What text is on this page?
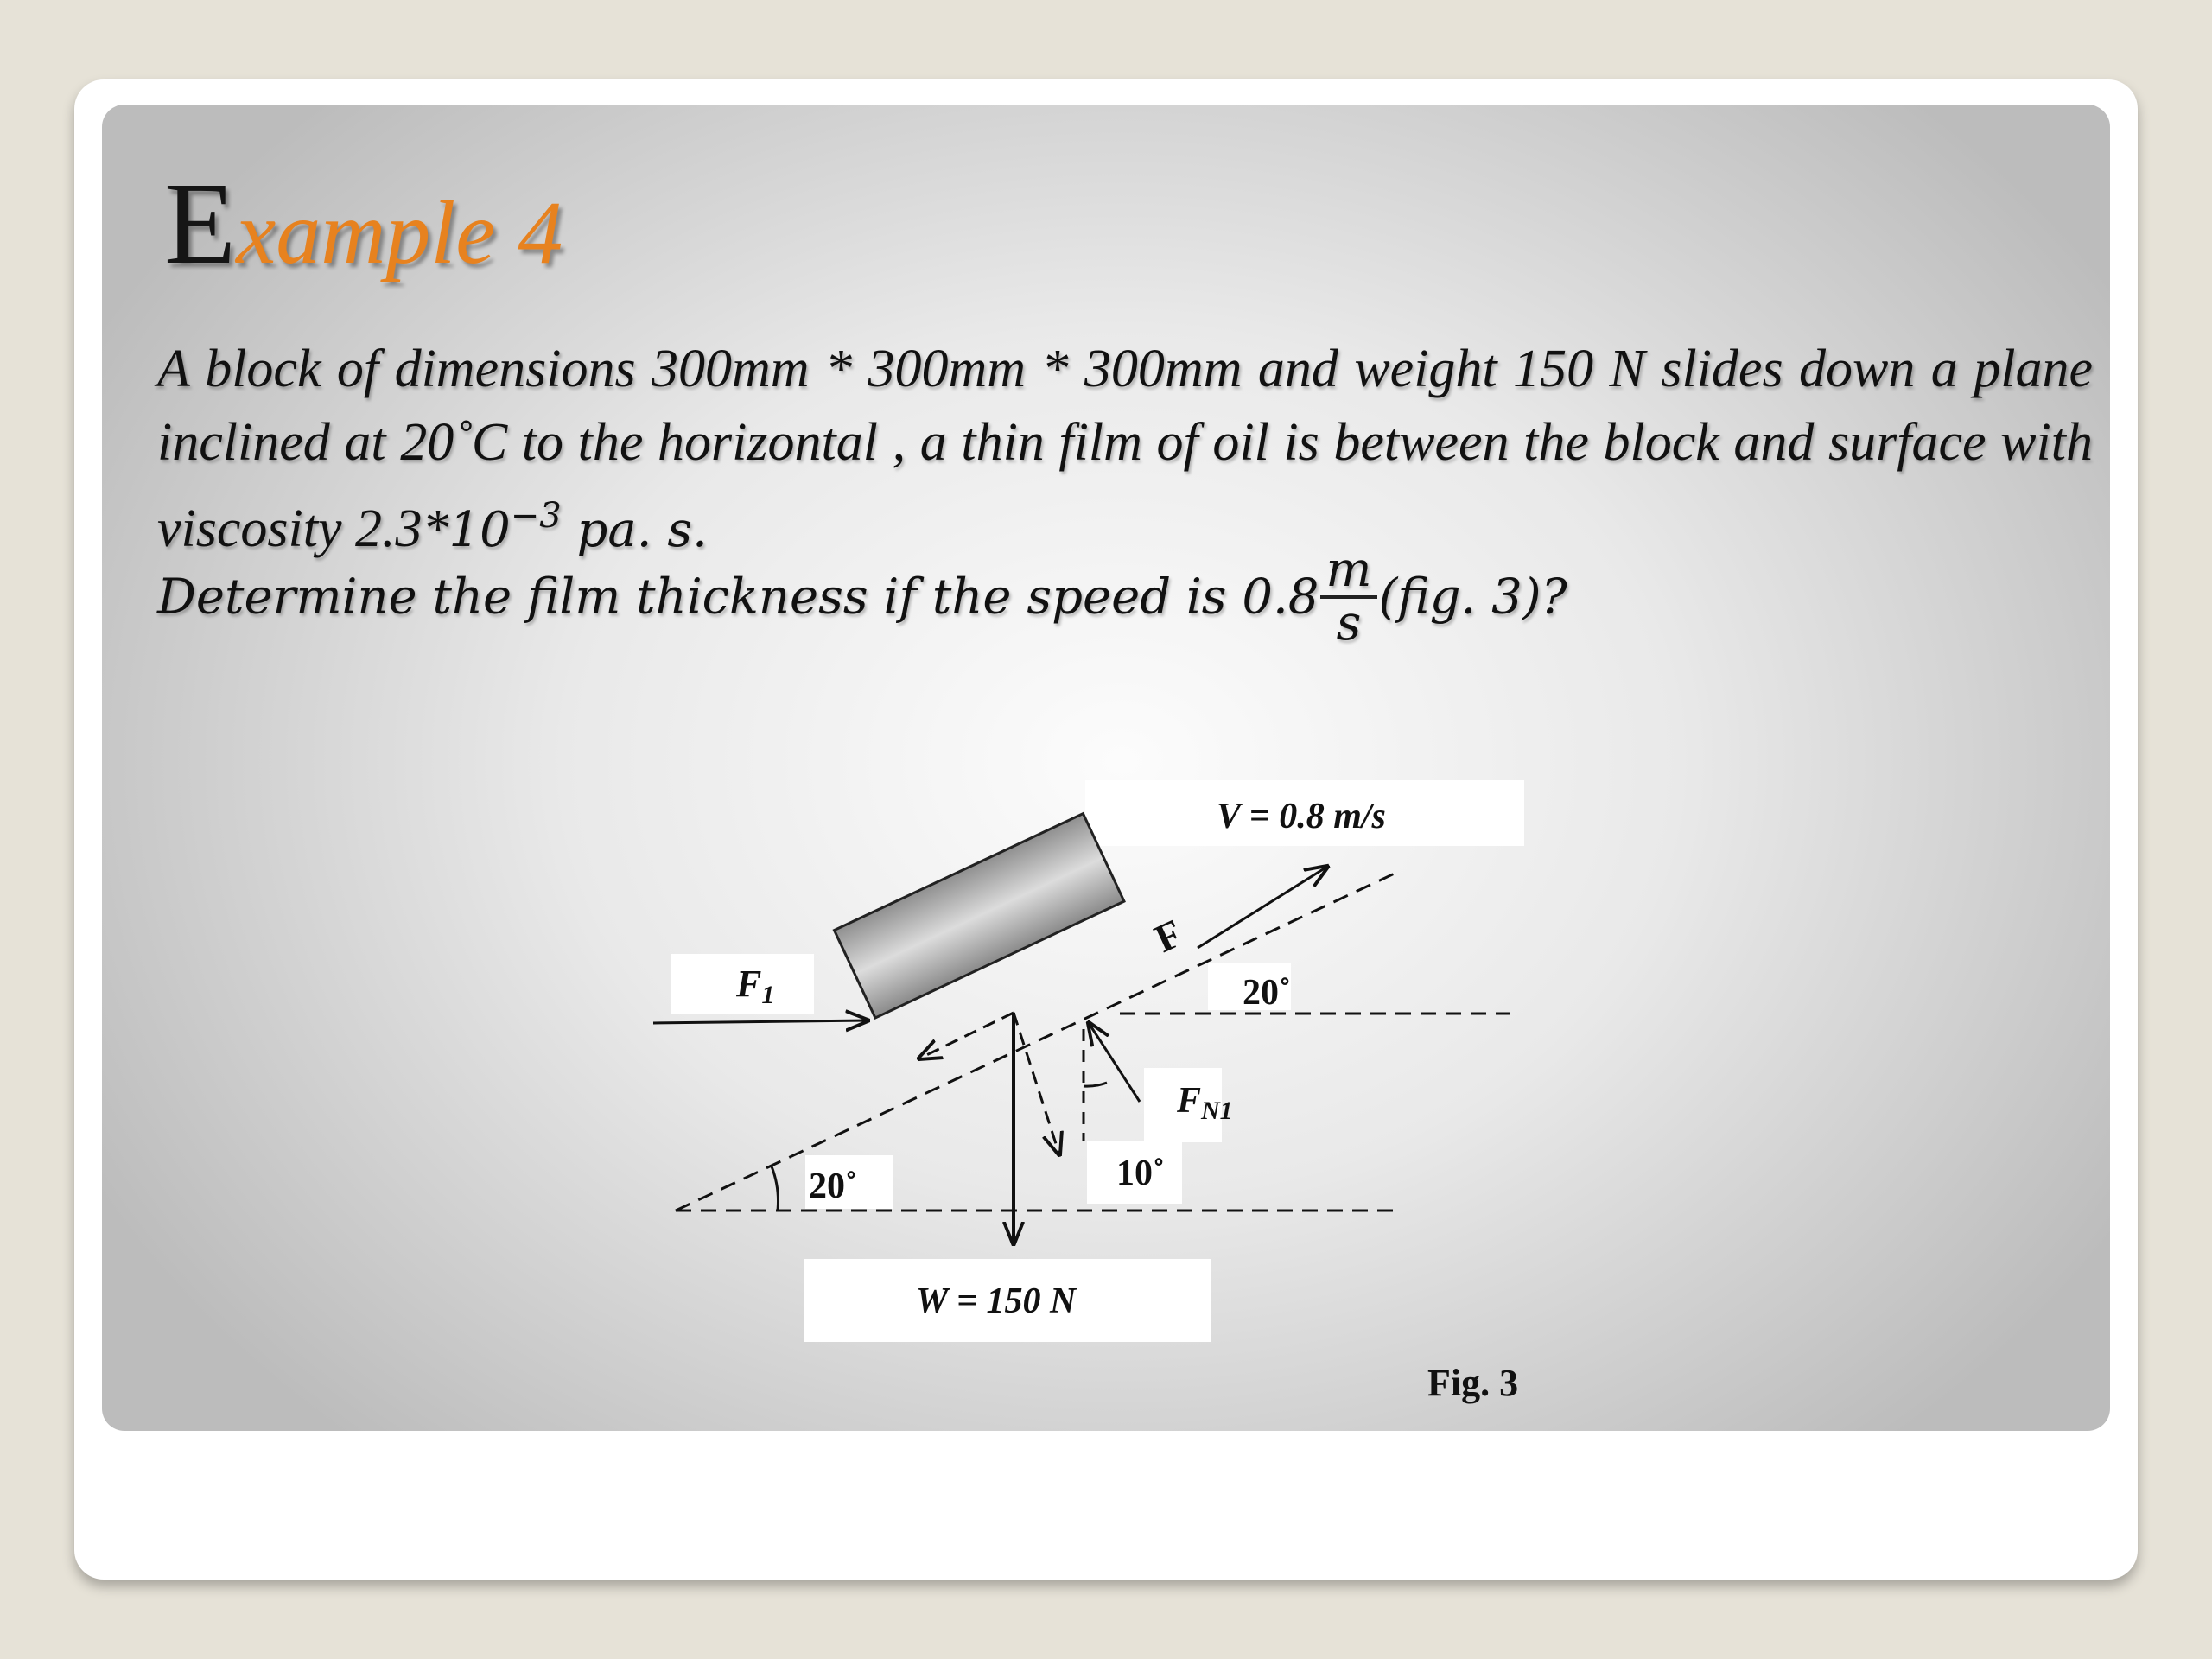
Example 4

A block of dimensions 300mm * 300mm * 300mm and weight 150 N slides down a plane inclined at 20˚C to the horizontal , a thin film of oil is between the block and surface with viscosity $2.3*10^{-3}$ pa. s.

Determine the film thickness if the speed is $0.8 \frac{m}{s} (fig$. 3)?

V = 0.8 m/s
F
F1	20˚
FN1
10˚
20˚
W = 150 N
Fig. 3
